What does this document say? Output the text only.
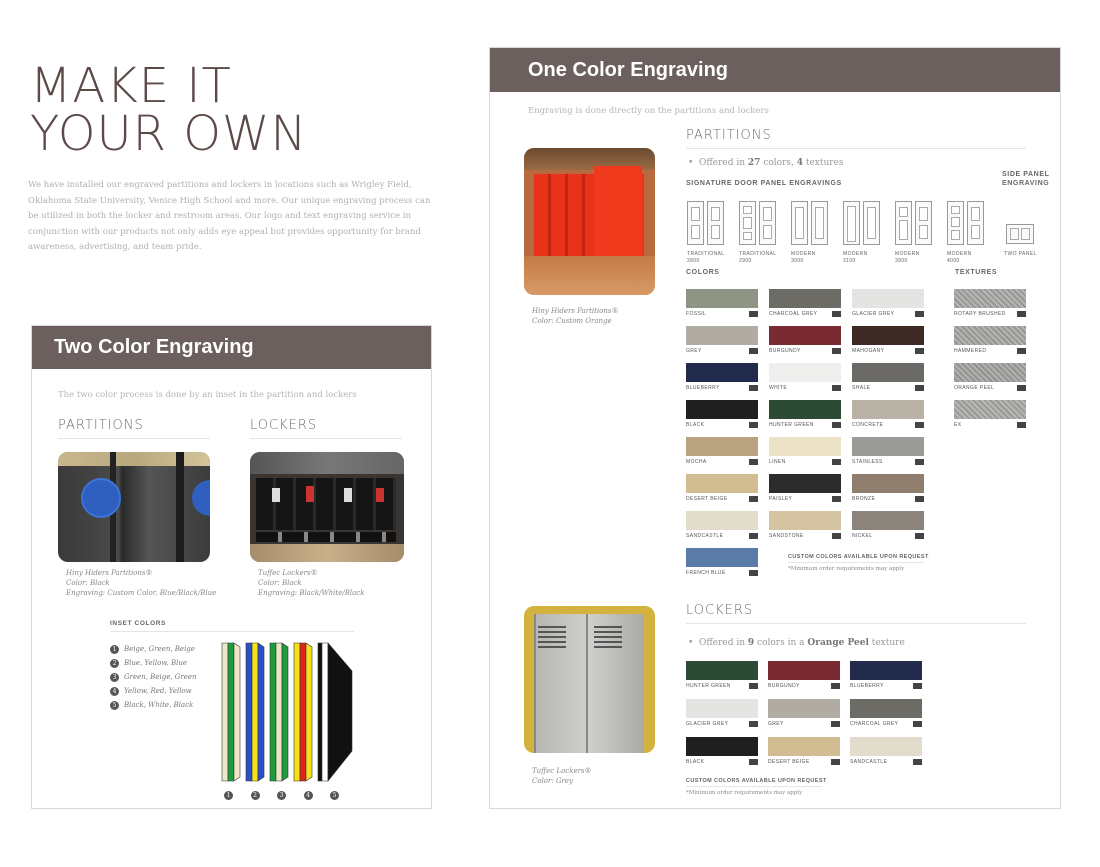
MAKE IT
YOUR OWN
We have installed our engraved partitions and lockers in locations such as Wrigley Field, Oklahoma State University, Venice High School and more. Our unique engraving process can be utilized in both the locker and restroom areas. Our logo and text engraving service in conjunction with our products not only adds eye appeal but provides opportunity for brand awareness, advertising, and team pride.
Two Color Engraving
The two color process is done by an inset in the partition and lockers
PARTITIONS	LOCKERS
Hiny Hiders Partitions®
Color: Black
Engraving: Custom Color, Blue/Black/Blue
Tuffec Lockers®
Color: Black
Engraving: Black/White/Black
INSET COLORS
1 Beige, Green, Beige
2 Blue, Yellow, Blue
3 Green, Beige, Green
4 Yellow, Red, Yellow
5 Black, White, Black
1	2	3	4	5
One Color Engraving
Engraving is done directly on the partitions and lockers
Hiny Hiders Partitions®
Color: Custom Orange
PARTITIONS
•  Offered in 27 colors, 4 textures
SIGNATURE DOOR PANEL ENGRAVINGS
SIDE PANEL
ENGRAVING
TRADITIONAL
2800
TRADITIONAL
2900
MODERN
3000
MODERN
3100
MODERN
3900
MODERN
4000
TWO PANEL
COLORS	TEXTURES
FOSSIL	CHARCOAL GREY	GLACIER GREY
GREY	BURGUNDY	MAHOGANY
BLUEBERRY	WHITE	SHALE
BLACK	HUNTER GREEN	CONCRETE
MOCHA	LINEN	STAINLESS
DESERT BEIGE	PAISLEY	BRONZE
SANDCASTLE	SANDSTONE	NICKEL
FRENCH BLUE
ROTARY BRUSHED
HAMMERED
ORANGE PEEL
EX
CUSTOM COLORS AVAILABLE UPON REQUEST
*Minimum order requirements may apply
Tuffec Lockers®
Color: Grey
LOCKERS
•  Offered in 9 colors in a Orange Peel texture
HUNTER GREEN	BURGUNDY	BLUEBERRY
GLACIER GREY	GREY	CHARCOAL GREY
BLACK	DESERT BEIGE	SANDCASTLE
CUSTOM COLORS AVAILABLE UPON REQUEST
*Minimum order requirements may apply
